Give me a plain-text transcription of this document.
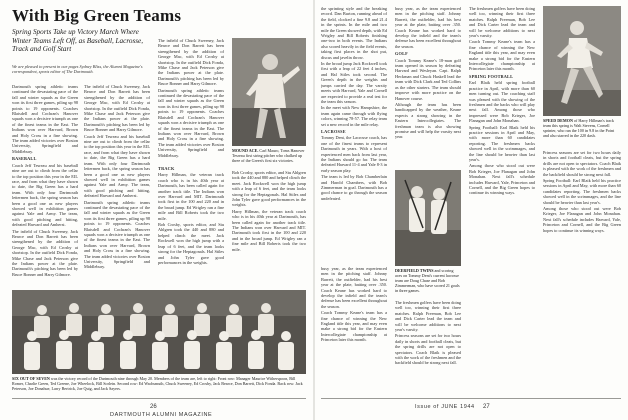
With Big Green Teams
Spring Sports Take up Victory March Where Winter Teams Left Off, as Baseball, Lacrosse, Track and Golf Start
We are pleased to present in our pages Sydney Bliss, the Alumni Magazine's correspondent, sports editor of The Dartmouth.

Dartmouth spring athletic teams continued the devastating pace of the fall and winter squads as the Green won its first three games, piling up 98 points to 19 opponents. Coaches Blaisdell and Cochran's Hanover squads won a decisive triumph as one of the finest teams in the East. The Indians won over Harvard, Brown and Holy Cross in a fine showing. The team added victories over Boston University, Springfield and Middlebury.

BASEBALL

Coach Jeff Tesreau and his baseball nine are out to climb from the cellar to the top position this year in the EIL race, and from what they have shown to date, the Big Green has a hard team. With only four Dartmouth lettermen back, the spring season has been a good one as new players showed well in exhibition games against Yale and Army. The team, with good pitching and hitting, defeated Harvard and Amherst.

The infield of Chuck Sweeney, Jack Bearce and Don Barrett has been strengthened by the addition of George Mac, with Ed Crosby at shortstop. In the outfield Dick Fonda, Mike Chase and Jack Peterson give the Indians power at the plate. Dartmouth's pitching has been led by Bruce Bonner and Harry Gilmore.

The infield of Chuck Sweeney, Jack Bearce and Don Barrett has been strengthened by the addition of George Mac, with Ed Crosby at shortstop. In the outfield Dick Fonda, Mike Chase and Jack Peterson give the Indians power at the plate. Dartmouth's pitching has been led by Bruce Bonner and Harry Gilmore.

Coach Jeff Tesreau and his baseball nine are out to climb from the cellar to the top position this year in the EIL race, and from what they have shown to date, the Big Green has a hard team. With only four Dartmouth lettermen back, the spring season has been a good one as new players showed well in exhibition games against Yale and Army. The team, with good pitching and hitting, defeated Harvard and Amherst.

Dartmouth spring athletic teams continued the devastating pace of the fall and winter squads as the Green won its first three games, piling up 98 points to 19 opponents. Coaches Blaisdell and Cochran's Hanover squads won a decisive triumph as one of the finest teams in the East. The Indians won over Harvard, Brown and Holy Cross in a fine showing. The team added victories over Boston University, Springfield and Middlebury.

The infield of Chuck Sweeney, Jack Bearce and Don Barrett has been strengthened by the addition of George Mac, with Ed Crosby at shortstop. In the outfield Dick Fonda, Mike Chase and Jack Peterson give the Indians power at the plate. Dartmouth's pitching has been led by Bruce Bonner and Harry Gilmore.

Dartmouth spring athletic teams continued the devastating pace of the fall and winter squads as the Green won its first three games, piling up 98 points to 19 opponents. Coaches Blaisdell and Cochran's Hanover squads won a decisive triumph as one of the finest teams in the East. The Indians won over Harvard, Brown and Holy Cross in a fine showing. The team added victories over Boston University, Springfield and Middlebury.

MOUND ACE. Carl Mauro, Toms Hanover Tesreau first string pitcher who chalked up three of the Green's first six victories.
TRACK

Harry Hillman, the veteran track coach who is in his 40th year at Dartmouth, has been called again for another track title. The Indians won over Harvard and MIT. Dartmouth took first in the 100 and 220 and in the broad jump. Ed Wrigley ran a fine mile and Bill Roberts took the two mile.

Bob Crosby, sports editor, and Stu Ahlgren took the 440 and 880 and helped clinch the meet. Jack Rockwell won the high jump with a leap of 6 feet, and the team looks strong for the Heptagonals. Hal Stiles and John Tyler gave good performances in the weights.

Bob Crosby, sports editor, and Stu Ahlgren took the 440 and 880 and helped clinch the meet. Jack Rockwell won the high jump with a leap of 6 feet, and the team looks strong for the Heptagonals. Hal Stiles and John Tyler gave good performances in the weights.

Harry Hillman, the veteran track coach who is in his 40th year at Dartmouth, has been called again for another track title. The Indians won over Harvard and MIT. Dartmouth took first in the 100 and 220 and in the broad jump. Ed Wrigley ran a fine mile and Bill Roberts took the two mile.

SIX OUT OF SEVEN was the victory record of the Dartmouth nine through May 20. Members of the team are, left to right: Front row: Manager Maurice Witherspoon, Bill Romer, Charlie Green, Ted Greene, Joe Wheelock, Bill Sorlein. Second row: Ed Wachsmuth, Chuck Sweeney, Ed Crosby, Jack Bearce, Don Barrett, Dick Fonda. Back row: Jack Peterson, Joe Donahue, Larry Bertrick, Joe Quig, and Jack Sayers.
26
DARTMOUTH ALUMNI MAGAZINE

the sprinting style and the breaking record. Dan Burton, running ahead of the field, clocked a fine 9.8 and 21.4 in the sprints. In the mile and two mile the Green showed depth, with Ed Wrigley and Bill Roberts finishing one-two in both events. The Indians also scored heavily in the field events, taking first places in the shot put, discus and javelin throw.

In the broad jump Jack Rockwell took first with a leap of 22 feet 4 inches, and Hal Stiles took second. The Green's depth in the weights and jumps carried the day. The varsity meets with Harvard, Yale and Cornell are expected to provide a real test for the team this season.

In the meet with New Hampshire, the team again came through with flying colors, winning 78-57. The relay team set a new record in the mile relay.

LACROSSE

Tommy Dent, the Lacrosse coach, has one of the finest teams to represent Dartmouth in years. With a host of experienced men back from last year, the Indians should go far. The team defeated Harvard 11-4 and Yale 8-3 in early season play.

The team is led by Bob Chamberlain and Harold Chambers, with Bob Zimmerman in goal. Dartmouth has a good chance to go through the season undefeated.

busy year, as the team experienced men in the pitching staff. Johnny Barrett, the outfielder, had his best year at the plate, batting over .350. Coach Keane has worked hard to develop the infield and the team's defense has been excellent throughout the season.

GOLF

Coach Tommy Keane's 18-man golf team opened its season by defeating Harvard and Wesleyan. Capt. Ralph Heckman and Chuck Haskell lead the team with Dick Clark and Ted Collins as the other starters. The team should improve with more practice on the Hanover course.

Although the team has been handicapped by the weather, Keane expects a strong showing in the Eastern Intercollegiates. The freshman team is also showing promise and will help the varsity next year.

DEERFIELD TWINS and scoring aces on Tommy Dent's current lacrosse team are Doug Chase and Bob Zimmerman, who have scored 21 goals in three games.

The freshmen golfers have been doing well too, winning their first three matches. Ralph Freeman, Bob Lee and Dick Carter lead the team and will be welcome additions to next year's varsity.

Coach Tommy Keane's team has a fine chance of winning the New England title this year, and may even make a strong bid for the Eastern Intercollegiate championship at Princeton later this month.

SPRING FOOTBALL

Earl Blaik held spring football practice in April, with more than 60 men turning out. The coaching staff was pleased with the showing of the freshmen and the backs who will play next fall. Among those who impressed were Bob Krieger, Joe Flanagan and John Monahan.

Spring Football: Earl Blaik held his practice sessions in April and May, with more than 60 candidates reporting. The freshmen backs showed well in the scrimmages, and the line should be heavier than last year's.

Among those who stood out were Bob Krieger, Joe Flanagan and John Monahan. Next fall's schedule includes Harvard, Yale, Princeton and Cornell, and the Big Green hopes to continue its winning ways.

SPEED DEMON of Harry Hillman's track team this spring is Walt Stevens, Cornell sprinter, who ran the 100 in 9.8 in the Point and also starred in the 220 dash.

Princess seasons are set for two hours daily in shorts and football cleats, but the spring drills are not open to spectators. Coach Blaik is pleased with the work of the freshmen and the backfield should be strong next fall.

Spring Football: Earl Blaik held his practice sessions in April and May, with more than 60 candidates reporting. The freshmen backs showed well in the scrimmages, and the line should be heavier than last year's.

Among those who stood out were Bob Krieger, Joe Flanagan and John Monahan. Next fall's schedule includes Harvard, Yale, Princeton and Cornell, and the Big Green hopes to continue its winning ways.

busy year, as the team experienced men in the pitching staff. Johnny Barrett, the outfielder, had his best year at the plate, batting over .350. Coach Keane has worked hard to develop the infield and the team's defense has been excellent throughout the season.

Coach Tommy Keane's team has a fine chance of winning the New England title this year, and may even make a strong bid for the Eastern Intercollegiate championship at Princeton later this month.

The freshmen golfers have been doing well too, winning their first three matches. Ralph Freeman, Bob Lee and Dick Carter lead the team and will be welcome additions to next year's varsity.

Princess seasons are set for two hours daily in shorts and football cleats, but the spring drills are not open to spectators. Coach Blaik is pleased with the work of the freshmen and the backfield should be strong next fall.

Issue of JUNE 1944 27
